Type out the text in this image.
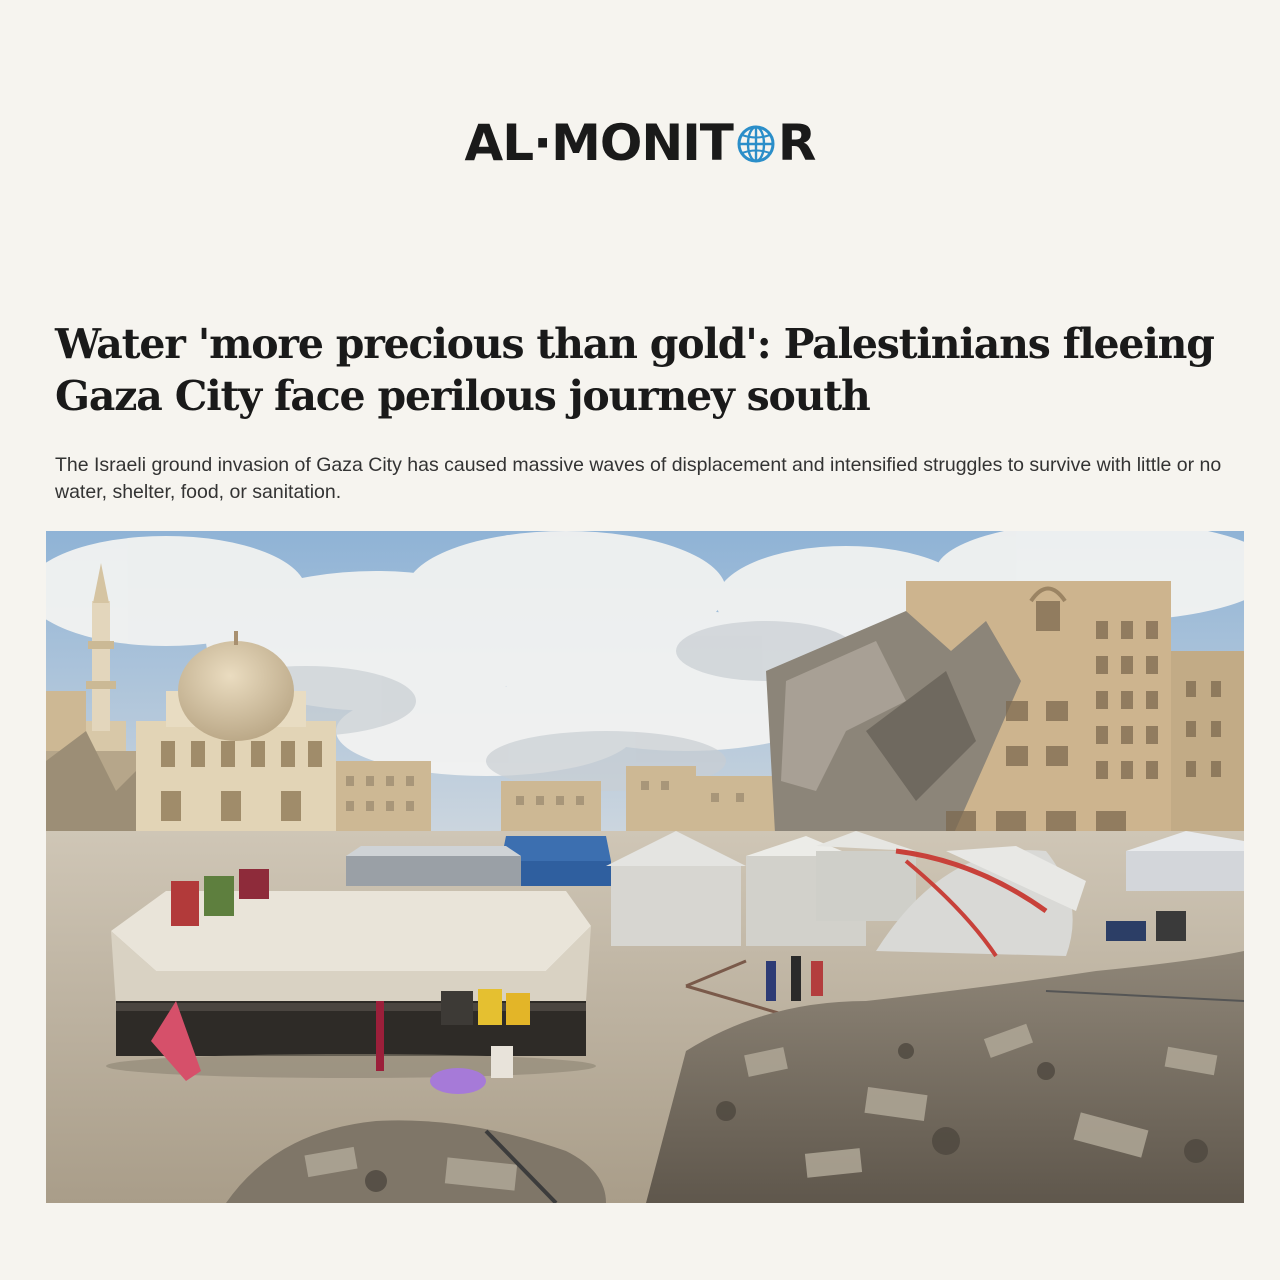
AL·MONIT R
Water 'more precious than gold': Palestinians fleeing Gaza City face perilous journey south

The Israeli ground invasion of Gaza City has caused massive waves of displacement and intensified struggles to survive with little or no water, shelter, food, or sanitation.
